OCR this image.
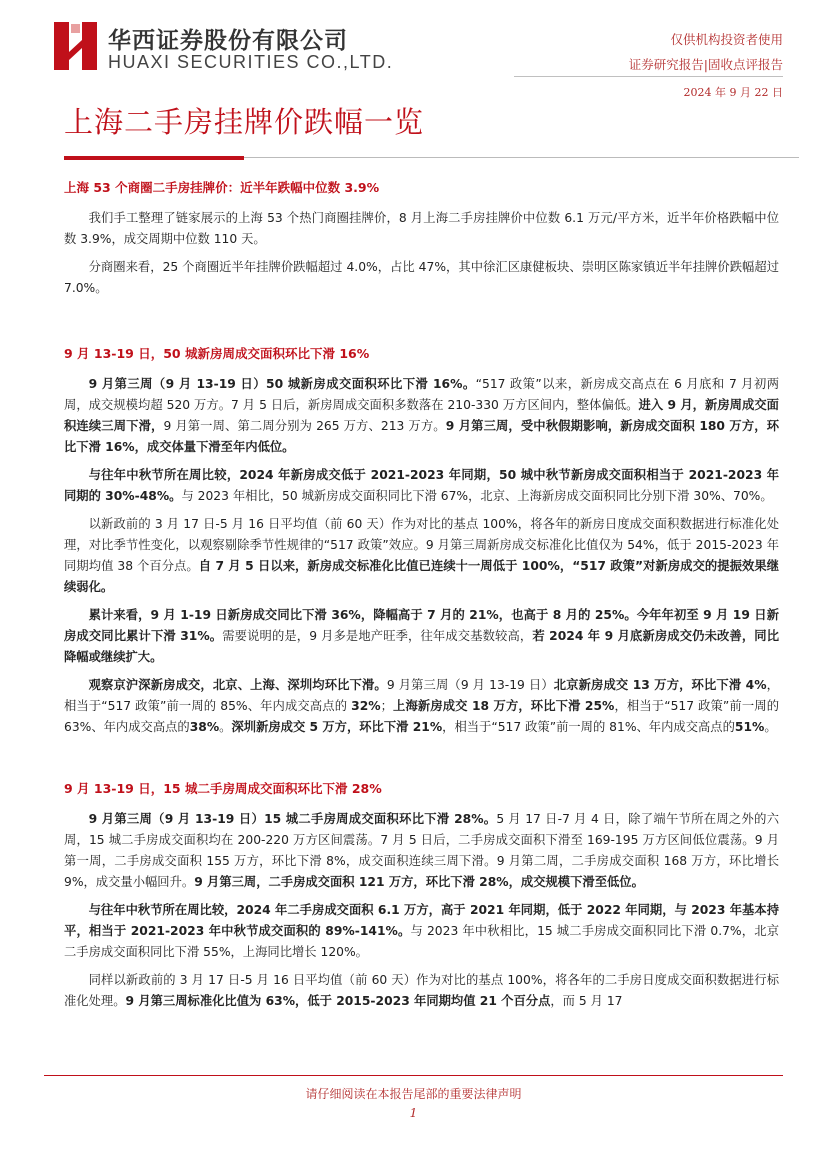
华西证券股份有限公司
HUAXI SECURITIES CO.,LTD.
仅供机构投资者使用
证券研究报告|固收点评报告
2024 年 9 月 22 日
上海二手房挂牌价跌幅一览
上海 53 个商圈二手房挂牌价：近半年跌幅中位数 3.9%

我们手工整理了链家展示的上海 53 个热门商圈挂牌价，8 月上海二手房挂牌价中位数 6.1 万元/平方米，近半年价格跌幅中位数 3.9%，成交周期中位数 110 天。

分商圈来看，25 个商圈近半年挂牌价跌幅超过 4.0%，占比 47%，其中徐汇区康健板块、崇明区陈家镇近半年挂牌价跌幅超过 7.0%。

9 月 13-19 日，50 城新房周成交面积环比下滑 16%

9 月第三周（9 月 13-19 日）50 城新房成交面积环比下滑 16%。“517 政策”以来，新房成交高点在 6 月底和 7 月初两周，成交规模均超 520 万方。7 月 5 日后，新房周成交面积多数落在 210-330 万方区间内，整体偏低。进入 9 月，新房周成交面积连续三周下滑，9 月第一周、第二周分别为 265 万方、213 万方。9 月第三周，受中秋假期影响，新房成交面积 180 万方，环比下滑 16%，成交体量下滑至年内低位。

与往年中秋节所在周比较，2024 年新房成交低于 2021-2023 年同期，50 城中秋节新房成交面积相当于 2021-2023 年同期的 30%-48%。与 2023 年相比，50 城新房成交面积同比下滑 67%，北京、上海新房成交面积同比分别下滑 30%、70%。

以新政前的 3 月 17 日-5 月 16 日平均值（前 60 天）作为对比的基点 100%，将各年的新房日度成交面积数据进行标准化处理，对比季节性变化，以观察剔除季节性规律的“517 政策”效应。9 月第三周新房成交标准化比值仅为 54%，低于 2015-2023 年同期均值 38 个百分点。自 7 月 5 日以来，新房成交标准化比值已连续十一周低于 100%，“517 政策”对新房成交的提振效果继续弱化。

累计来看，9 月 1-19 日新房成交同比下滑 36%，降幅高于 7 月的 21%，也高于 8 月的 25%。今年年初至 9 月 19 日新房成交同比累计下滑 31%。需要说明的是，9 月多是地产旺季，往年成交基数较高，若 2024 年 9 月底新房成交仍未改善，同比降幅或继续扩大。

观察京沪深新房成交，北京、上海、深圳均环比下滑。9 月第三周（9 月 13-19 日）北京新房成交 13 万方，环比下滑 4%，相当于“517 政策”前一周的 85%、年内成交高点的 32%；上海新房成交 18 万方，环比下滑 25%，相当于“517 政策”前一周的 63%、年内成交高点的38%。深圳新房成交 5 万方，环比下滑 21%，相当于“517 政策”前一周的 81%、年内成交高点的51%。

9 月 13-19 日，15 城二手房周成交面积环比下滑 28%

9 月第三周（9 月 13-19 日）15 城二手房周成交面积环比下滑 28%。5 月 17 日-7 月 4 日，除了端午节所在周之外的六周，15 城二手房成交面积均在 200-220 万方区间震荡。7 月 5 日后，二手房成交面积下滑至 169-195 万方区间低位震荡。9 月第一周，二手房成交面积 155 万方，环比下滑 8%，成交面积连续三周下滑。9 月第二周，二手房成交面积 168 万方，环比增长 9%，成交量小幅回升。9 月第三周，二手房成交面积 121 万方，环比下滑 28%，成交规模下滑至低位。

与往年中秋节所在周比较，2024 年二手房成交面积 6.1 万方，高于 2021 年同期，低于 2022 年同期，与 2023 年基本持平，相当于 2021-2023 年中秋节成交面积的 89%-141%。与 2023 年中秋相比，15 城二手房成交面积同比下滑 0.7%，北京二手房成交面积同比下滑 55%，上海同比增长 120%。

同样以新政前的 3 月 17 日-5 月 16 日平均值（前 60 天）作为对比的基点 100%，将各年的二手房日度成交面积数据进行标准化处理。9 月第三周标准化比值为 63%，低于 2015-2023 年同期均值 21 个百分点，而 5 月 17

请仔细阅读在本报告尾部的重要法律声明
1
